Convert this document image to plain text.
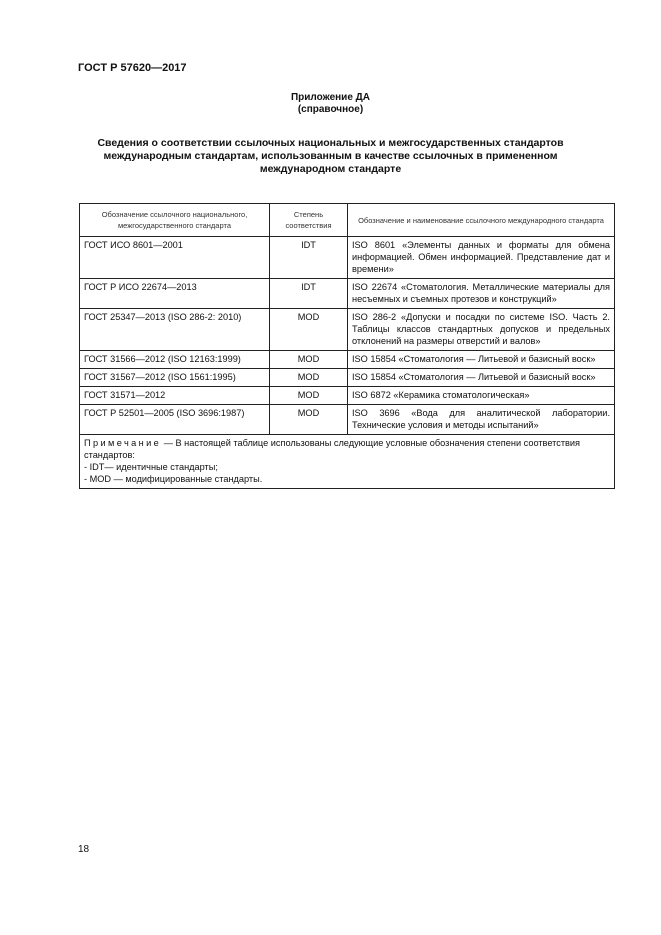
ГОСТ Р 57620—2017
Приложение ДА
(справочное)
Сведения о соответствии ссылочных национальных и межгосударственных стандартов международным стандартам, использованным в качестве ссылочных в примененном международном стандарте
Обозначение ссылочного национального, межгосударственного стандарта	Степень соответствия	Обозначение и наименование ссылочного международного стандарта
ГОСТ ИСО 8601—2001	IDT	ISO 8601 «Элементы данных и форматы для обмена информацией. Обмен информацией. Представление дат и времени»
ГОСТ Р ИСО 22674—2013	IDT	ISO 22674 «Стоматология. Металлические материалы для несъемных и съемных протезов и конструкций»
ГОСТ 25347—2013 (ISO 286-2: 2010)	MOD	ISO 286-2 «Допуски и посадки по системе ISO. Часть 2. Таблицы классов стандартных допусков и предельных отклонений на размеры отверстий и валов»
ГОСТ 31566—2012 (ISO 12163:1999)	MOD	ISO 15854 «Стоматология — Литьевой и базисный воск»
ГОСТ 31567—2012 (ISO 1561:1995)	MOD	ISO 15854 «Стоматология — Литьевой и базисный воск»
ГОСТ 31571—2012	MOD	ISO 6872 «Керамика стоматологическая»
ГОСТ Р 52501—2005 (ISO 3696:1987)	MOD	ISO 3696 «Вода для аналитической лаборатории. Технические условия и методы испытаний»

Примечание — В настоящей таблице использованы следующие условные обозначения степени соответствия стандартов:
- IDT— идентичные стандарты;
- MOD — модифицированные стандарты.		
18
